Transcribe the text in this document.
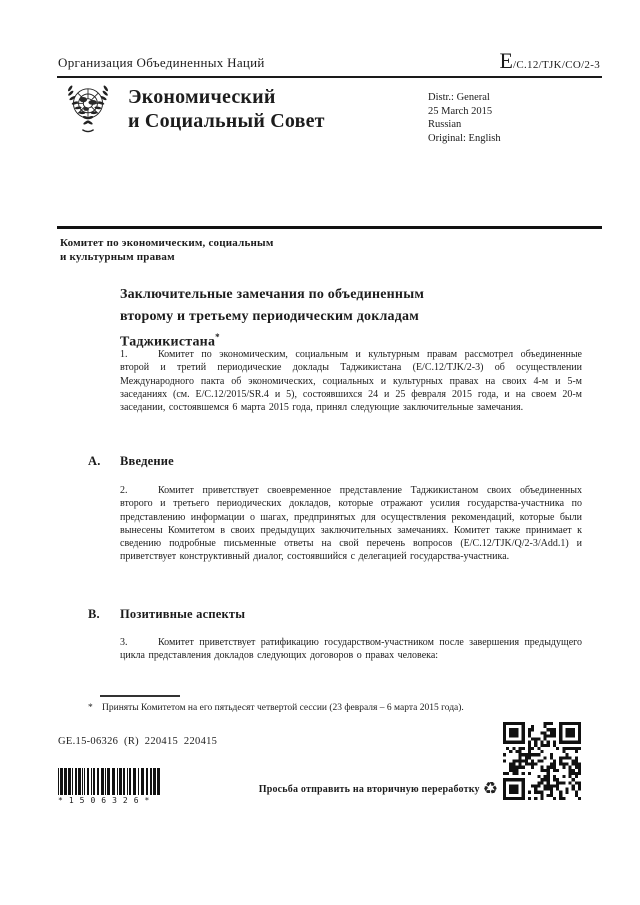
Организация Объединенных Наций	E/C.12/TJK/CO/2-3
Экономический
и Социальный Совет
Distr.: General
25 March 2015
Russian
Original: English
Комитет по экономическим, социальным
и культурным правам
Заключительные замечания по объединенным
второму и третьему периодическим докладам
Таджикистана*

1.	Комитет по экономическим, социальным и культурным правам рассмотрел объединенные второй и третий периодические доклады Таджикистана (E/C.12/TJK/2-3) об осуществлении Международного пакта об экономических, социальных и культурных правах на своих 4-м и 5-м заседаниях (см. E/C.12/2015/SR.4 и 5), состоявшихся 24 и 25 февраля 2015 года, и на своем 20-м заседании, состоявшемся 6 марта 2015 года, принял следующие заключительные замечания.

A. Введение

2.	Комитет приветствует своевременное представление Таджикистаном своих объединенных второго и третьего периодических докладов, которые отражают усилия государства-участника по представлению информации о шагах, предпринятых для осуществления рекомендаций, которые были вынесены Комитетом в своих предыдущих заключительных замечаниях. Комитет также принимает к сведению подробные письменные ответы на свой перечень вопросов (E/C.12/TJK/Q/2-3/Add.1) и приветствует конструктивный диалог, состоявшийся с делегацией государства-участника.

B. Позитивные аспекты

3.	Комитет приветствует ратификацию государством-участником после завершения предыдущего цикла представления докладов следующих договоров о правах человека:

* Приняты Комитетом на его пятьдесят четвертой сессии (23 февраля – 6 марта 2015 года).
GE.15-06326  (R)  220415  220415
*1506326*
Просьба отправить на вторичную переработку ♻
